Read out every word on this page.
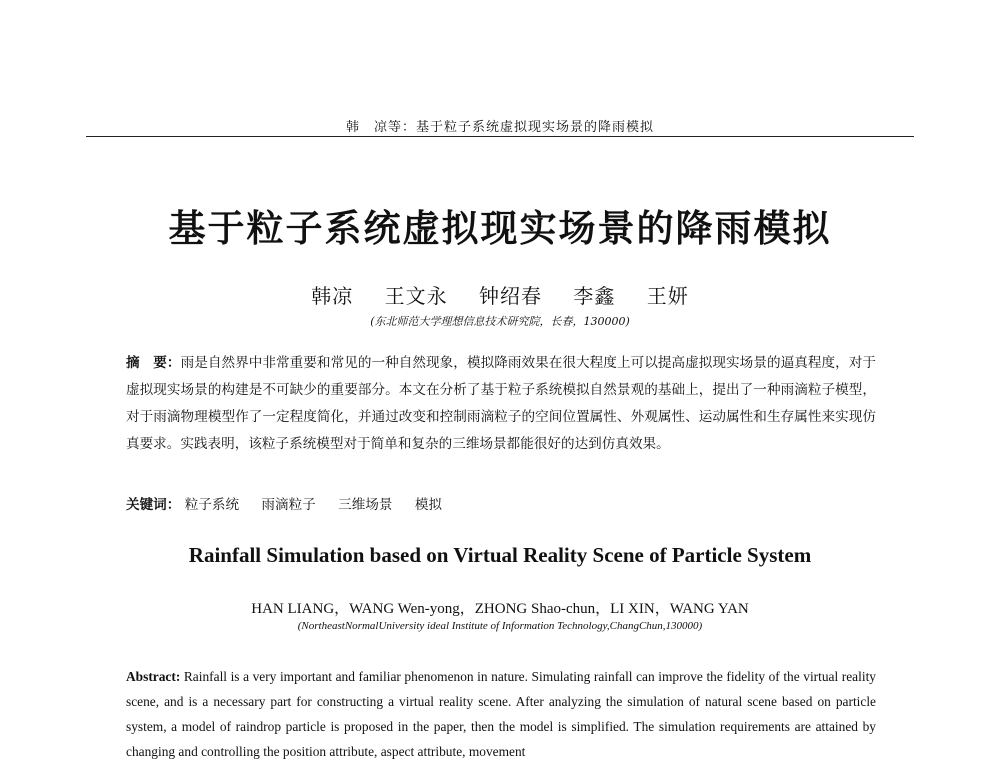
韩　凉等：基于粒子系统虚拟现实场景的降雨模拟
基于粒子系统虚拟现实场景的降雨模拟
韩凉 王文永 钟绍春 李鑫 王妍
(东北师范大学理想信息技术研究院，长春，130000)
摘　要：雨是自然界中非常重要和常见的一种自然现象，模拟降雨效果在很大程度上可以提高虚拟现实场景的逼真程度，对于虚拟现实场景的构建是不可缺少的重要部分。本文在分析了基于粒子系统模拟自然景观的基础上，提出了一种雨滴粒子模型，对于雨滴物理模型作了一定程度简化，并通过改变和控制雨滴粒子的空间位置属性、外观属性、运动属性和生存属性来实现仿真要求。实践表明，该粒子系统模型对于简单和复杂的三维场景都能很好的达到仿真效果。
关键词： 粒子系统 雨滴粒子 三维场景 模拟
Rainfall Simulation based on Virtual Reality Scene of Particle System
HAN LIANG，WANG Wen-yong，ZHONG Shao-chun，LI XIN，WANG YAN
(NortheastNormalUniversity ideal Institute of Information Technology,ChangChun,130000)
Abstract: Rainfall is a very important and familiar phenomenon in nature. Simulating rainfall can improve the fidelity of the virtual reality scene, and is a necessary part for constructing a virtual reality scene. After analyzing the simulation of natural scene based on particle system, a model of raindrop particle is proposed in the paper, then the model is simplified. The simulation requirements are attained by changing and controlling the position attribute, aspect attribute, movement
